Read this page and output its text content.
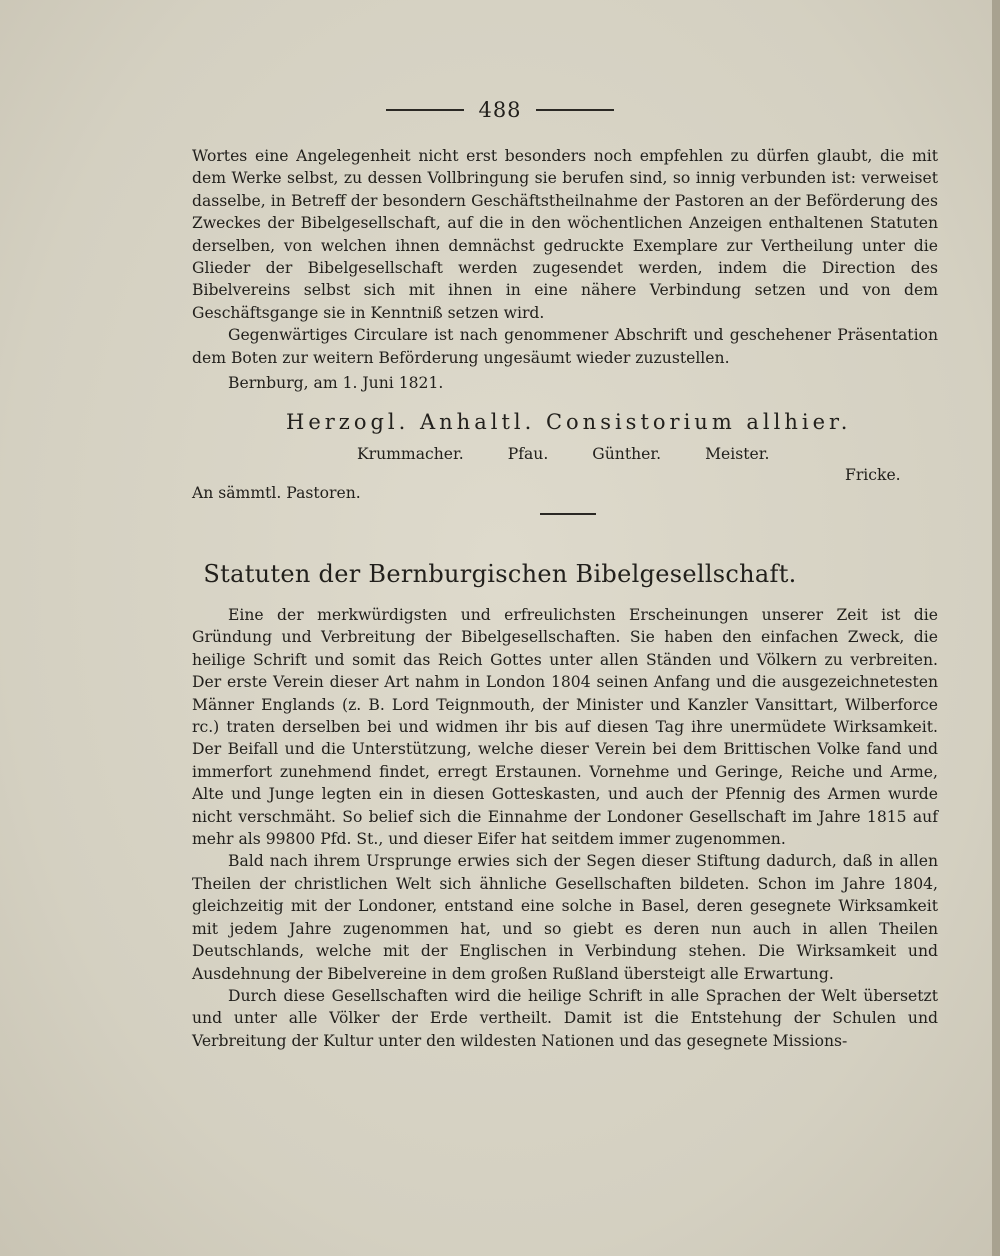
488

Wortes eine Angelegenheit nicht erst besonders noch empfehlen zu dürfen glaubt, die mit dem Werke selbst, zu dessen Vollbringung sie berufen sind, so innig verbunden ist: verweiset dasselbe, in Betreff der besondern Geschäftstheilnahme der Pastoren an der Beförderung des Zweckes der Bibelgesellschaft, auf die in den wöchentlichen Anzeigen enthaltenen Statuten derselben, von welchen ihnen demnächst gedruckte Exemplare zur Vertheilung unter die Glieder der Bibelgesellschaft werden zugesendet werden, indem die Direction des Bibelvereins selbst sich mit ihnen in eine nähere Verbindung setzen und von dem Geschäftsgange sie in Kenntniß setzen wird.

Gegenwärtiges Circulare ist nach genommener Abschrift und geschehener Präsentation dem Boten zur weitern Beförderung ungesäumt wieder zuzustellen.

Bernburg, am 1. Juni 1821.
Herzogl. Anhaltl. Consistorium allhier.
Krummacher.	Pfau.	Günther.	Meister.
Fricke.
An sämmtl. Pastoren.
Statuten der Bernburgischen Bibelgesellschaft.

Eine der merkwürdigsten und erfreulichsten Erscheinungen unserer Zeit ist die Gründung und Verbreitung der Bibelgesellschaften. Sie haben den einfachen Zweck, die heilige Schrift und somit das Reich Gottes unter allen Ständen und Völkern zu verbreiten. Der erste Verein dieser Art nahm in London 1804 seinen Anfang und die ausgezeichnetesten Männer Englands (z. B. Lord Teignmouth, der Minister und Kanzler Vansittart, Wilberforce rc.) traten derselben bei und widmen ihr bis auf diesen Tag ihre unermüdete Wirksamkeit. Der Beifall und die Unterstützung, welche dieser Verein bei dem Brittischen Volke fand und immerfort zunehmend findet, erregt Erstaunen. Vornehme und Geringe, Reiche und Arme, Alte und Junge legten ein in diesen Gotteskasten, und auch der Pfennig des Armen wurde nicht verschmäht. So belief sich die Einnahme der Londoner Gesellschaft im Jahre 1815 auf mehr als 99800 Pfd. St., und dieser Eifer hat seitdem immer zugenommen.

Bald nach ihrem Ursprunge erwies sich der Segen dieser Stiftung dadurch, daß in allen Theilen der christlichen Welt sich ähnliche Gesellschaften bildeten. Schon im Jahre 1804, gleichzeitig mit der Londoner, entstand eine solche in Basel, deren gesegnete Wirksamkeit mit jedem Jahre zugenommen hat, und so giebt es deren nun auch in allen Theilen Deutschlands, welche mit der Englischen in Verbindung stehen. Die Wirksamkeit und Ausdehnung der Bibelvereine in dem großen Rußland übersteigt alle Erwartung.

Durch diese Gesellschaften wird die heilige Schrift in alle Sprachen der Welt übersetzt und unter alle Völker der Erde vertheilt. Damit ist die Entstehung der Schulen und Verbreitung der Kultur unter den wildesten Nationen und das gesegnete Missions-
